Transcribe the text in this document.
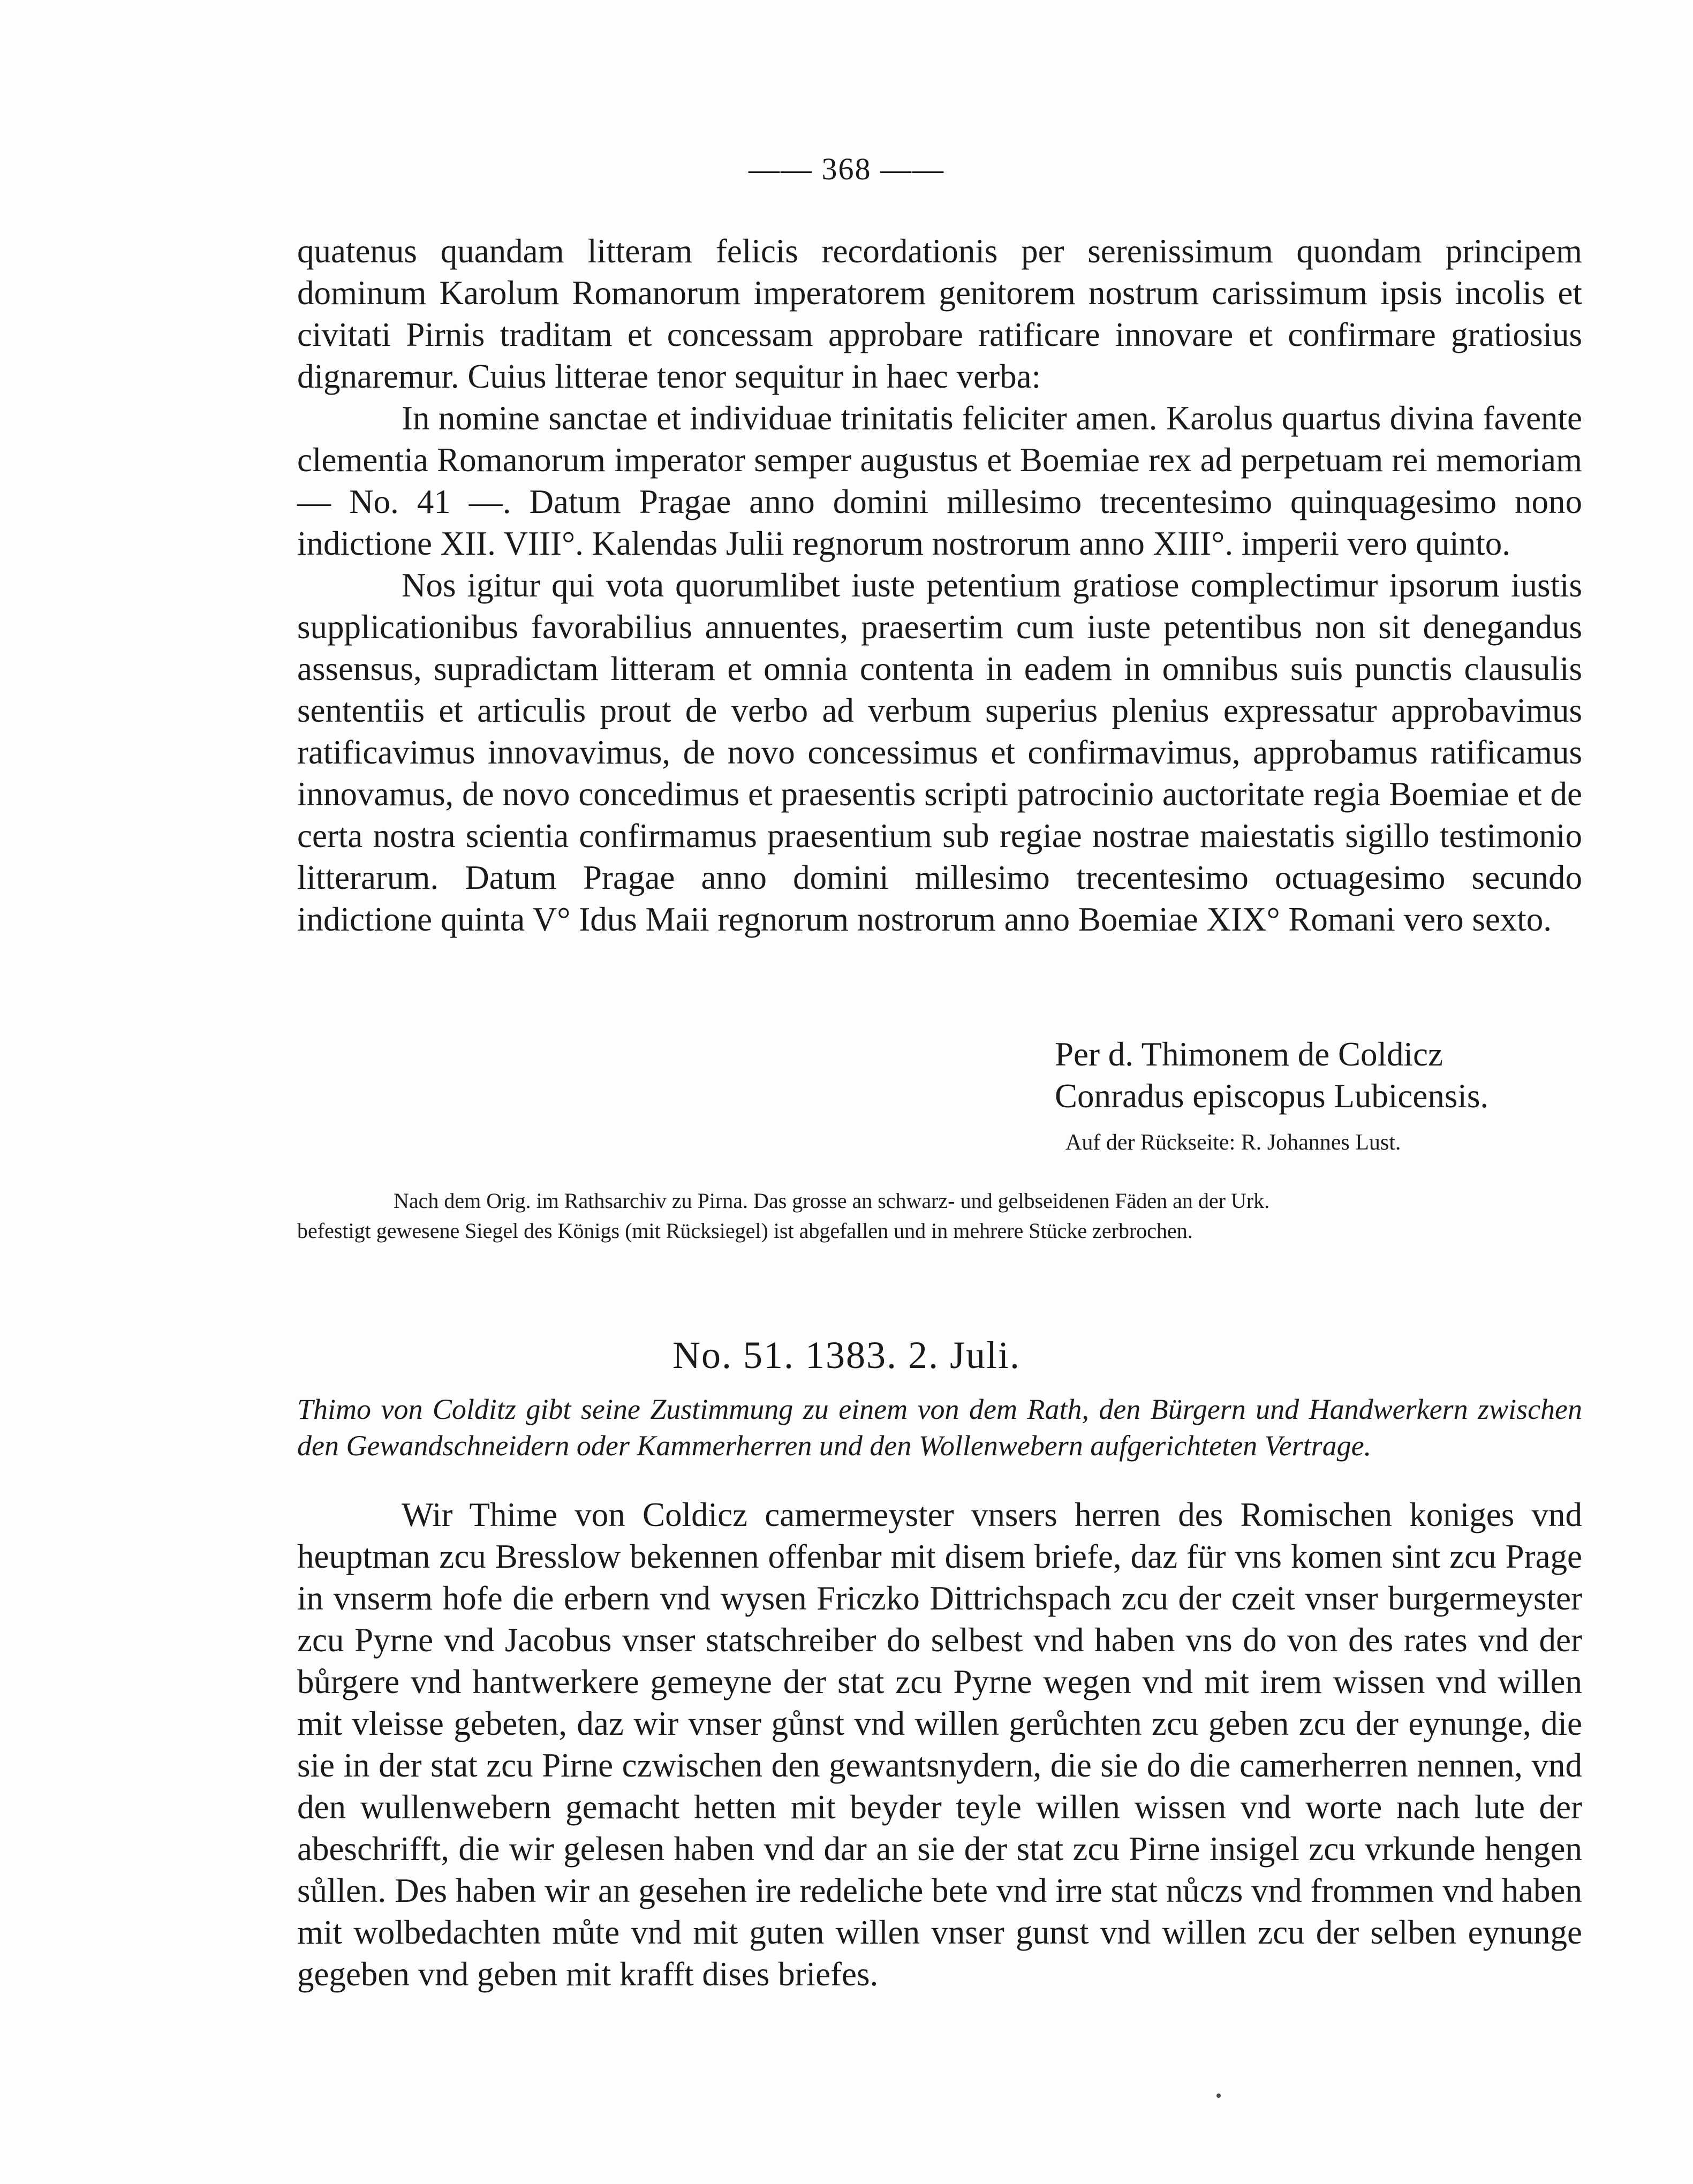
—— 368 ——

quatenus quandam litteram felicis recordationis per serenissimum quondam principem dominum Karolum Romanorum imperatorem genitorem nostrum carissimum ipsis incolis et civitati Pirnis traditam et concessam approbare ratificare innovare et confirmare gratiosius dignaremur. Cuius litterae tenor sequitur in haec verba:

In nomine sanctae et individuae trinitatis feliciter amen. Karolus quartus divina favente clementia Romanorum imperator semper augustus et Boemiae rex ad perpetuam rei memoriam — No. 41 —. Datum Pragae anno domini millesimo trecentesimo quinquagesimo nono indictione XII. VIII°. Kalendas Julii regnorum nostrorum anno XIII°. imperii vero quinto.

Nos igitur qui vota quorumlibet iuste petentium gratiose complectimur ipsorum iustis supplicationibus favorabilius annuentes, praesertim cum iuste petentibus non sit denegandus assensus, supradictam litteram et omnia contenta in eadem in omnibus suis punctis clausulis sententiis et articulis prout de verbo ad verbum superius plenius expressatur approbavimus ratificavimus innovavimus, de novo concessimus et confirmavimus, approbamus ratificamus innovamus, de novo concedimus et praesentis scripti patrocinio auctoritate regia Boemiae et de certa nostra scientia confirmamus praesentium sub regiae nostrae maiestatis sigillo testimonio litterarum. Datum Pragae anno domini millesimo trecentesimo octuagesimo secundo indictione quinta V° Idus Maii regnorum nostrorum anno Boemiae XIX° Romani vero sexto.

Per d. Thimonem de Coldicz
Conradus episcopus Lubicensis.
Auf der Rückseite: R. Johannes Lust.
Nach dem Orig. im Rathsarchiv zu Pirna. Das grosse an schwarz- und gelbseidenen Fäden an der Urk.
befestigt gewesene Siegel des Königs (mit Rücksiegel) ist abgefallen und in mehrere Stücke zerbrochen.
No. 51. 1383. 2. Juli.
Thimo von Colditz gibt seine Zustimmung zu einem von dem Rath, den Bürgern und Handwerkern zwischen den Gewandschneidern oder Kammerherren und den Wollenwebern aufgerichteten Vertrage.

Wir Thime von Coldicz camermeyster vnsers herren des Romischen koniges vnd heuptman zcu Bresslow bekennen offenbar mit disem briefe, daz für vns komen sint zcu Prage in vnserm hofe die erbern vnd wysen Friczko Dittrichspach zcu der czeit vnser burgermeyster zcu Pyrne vnd Jacobus vnser statschreiber do selbest vnd haben vns do von des rates vnd der bůrgere vnd hantwerkere gemeyne der stat zcu Pyrne wegen vnd mit irem wissen vnd willen mit vleisse gebeten, daz wir vnser gůnst vnd willen gerůchten zcu geben zcu der eynunge, die sie in der stat zcu Pirne czwischen den gewantsnydern, die sie do die camerherren nennen, vnd den wullenwebern gemacht hetten mit beyder teyle willen wissen vnd worte nach lute der abeschrifft, die wir gelesen haben vnd dar an sie der stat zcu Pirne insigel zcu vrkunde hengen sůllen. Des haben wir an gesehen ire redeliche bete vnd irre stat nůczs vnd frommen vnd haben mit wolbedachten můte vnd mit guten willen vnser gunst vnd willen zcu der selben eynunge gegeben vnd geben mit krafft dises briefes.
